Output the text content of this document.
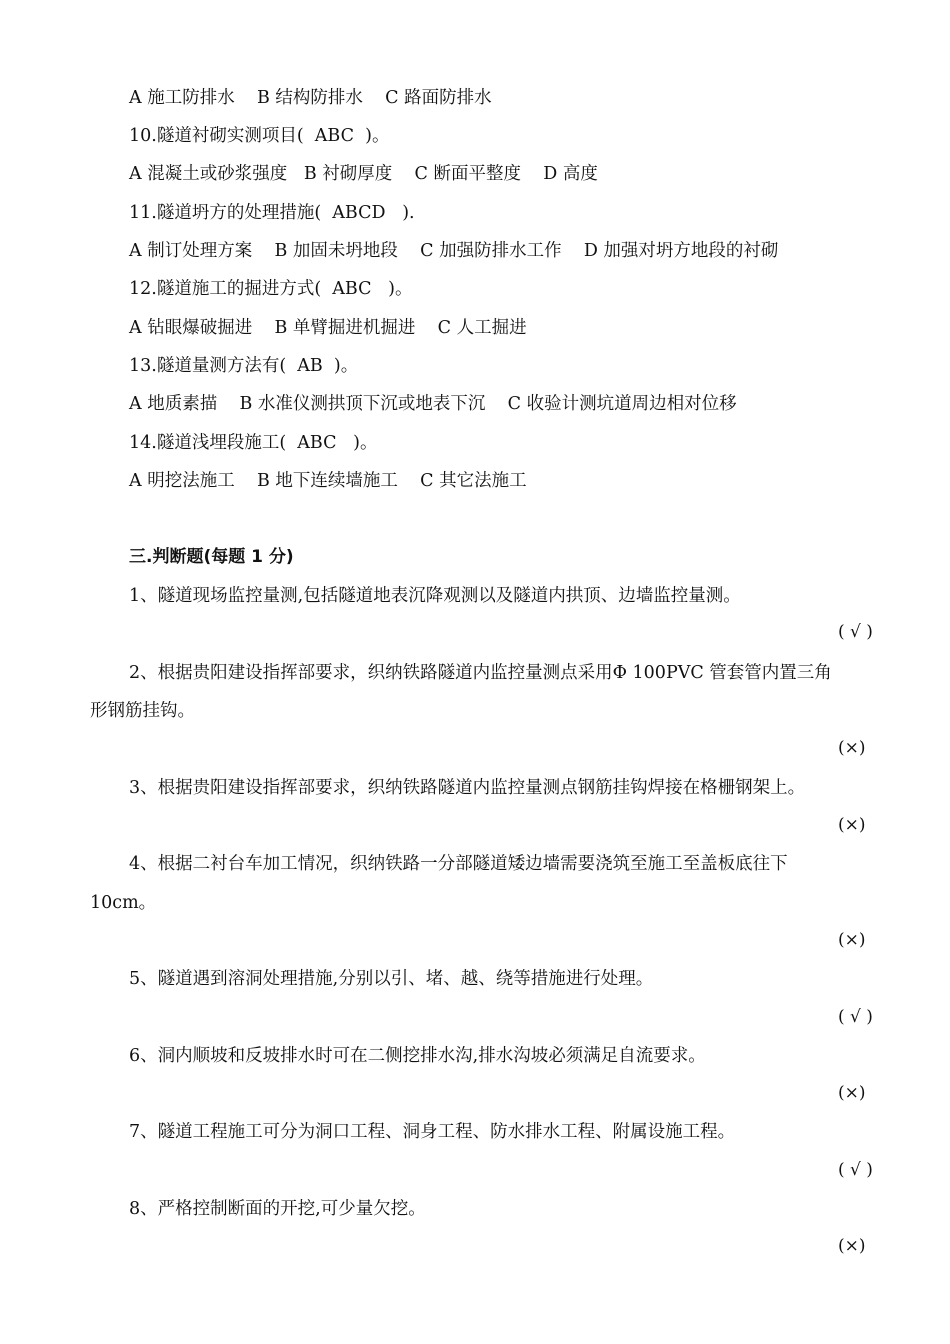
A 施工防排水    B 结构防排水    C 路面防排水
10.隧道衬砌实测项目(  ABC  )。
A 混凝土或砂浆强度   B 衬砌厚度    C 断面平整度    D 高度
11.隧道坍方的处理措施(  ABCD   ).
A 制订处理方案    B 加固未坍地段    C 加强防排水工作    D 加强对坍方地段的衬砌
12.隧道施工的掘进方式(  ABC   )。
A 钻眼爆破掘进    B 单臂掘进机掘进    C 人工掘进
13.隧道量测方法有(  AB  )。
A 地质素描    B 水准仪测拱顶下沉或地表下沉    C 收验计测坑道周边相对位移
14.隧道浅埋段施工(  ABC   )。
A 明挖法施工    B 地下连续墙施工    C 其它法施工
三.判断题(每题 1 分)
1、隧道现场监控量测,包括隧道地表沉降观测以及隧道内拱顶、边墙监控量测。
( √ )
2、根据贵阳建设指挥部要求，织纳铁路隧道内监控量测点采用Φ 100PVC 管套管内置三角
形钢筋挂钩。
(×)
3、根据贵阳建设指挥部要求，织纳铁路隧道内监控量测点钢筋挂钩焊接在格栅钢架上。
(×)
4、根据二衬台车加工情况，织纳铁路一分部隧道矮边墙需要浇筑至施工至盖板底往下
10cm。
(×)
5、隧道遇到溶洞处理措施,分别以引、堵、越、绕等措施进行处理。
( √ )
6、洞内顺坡和反坡排水时可在二侧挖排水沟,排水沟坡必须满足自流要求。
(×)
7、隧道工程施工可分为洞口工程、洞身工程、防水排水工程、附属设施工程。
( √ )
8、严格控制断面的开挖,可少量欠挖。
(×)
